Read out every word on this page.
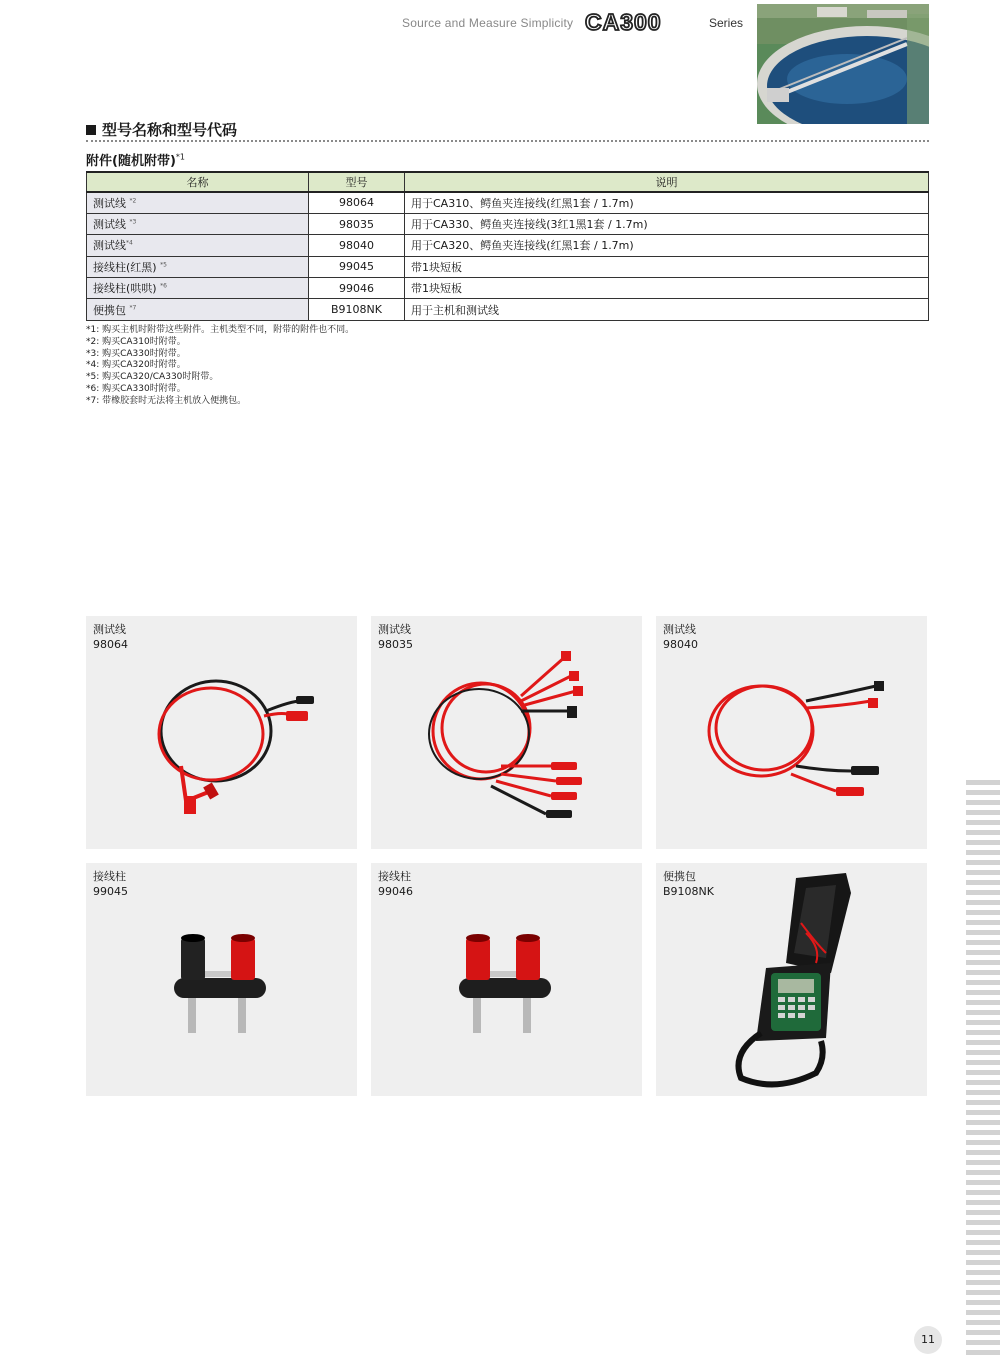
Source and Measure Simplicity CA300	Series
型号名称和型号代码
附件(随机附带)$^{*1}$
名称	型号	说明
测试线 $^{*2}$	98064	用于CA310、鳄鱼夹连接线(红黑1套 / 1.7m)
测试线 $^{*3}$	98035	用于CA330、鳄鱼夹连接线(3红1黑1套 / 1.7m)
测试线$^{*4}$	98040	用于CA320、鳄鱼夹连接线(红黑1套 / 1.7m)
接线柱(红黑) $^{*5}$	99045	带1块短板
接线柱(哄哄) $^{*6}$	99046	带1块短板
便携包 $^{*7}$	B9108NK	用于主机和测试线
*1: 购买主机时附带这些附件。主机类型不同，附带的附件也不同。
*2: 购买CA310时附带。
*3: 购买CA330时附带。
*4: 购买CA320时附带。
*5: 购买CA320/CA330时附带。
*6: 购买CA330时附带。
*7: 带橡胶套时无法将主机放入便携包。
测试线
98064
测试线
98035
测试线
98040
接线柱
99045
接线柱
99046
便携包
B9108NK
11
